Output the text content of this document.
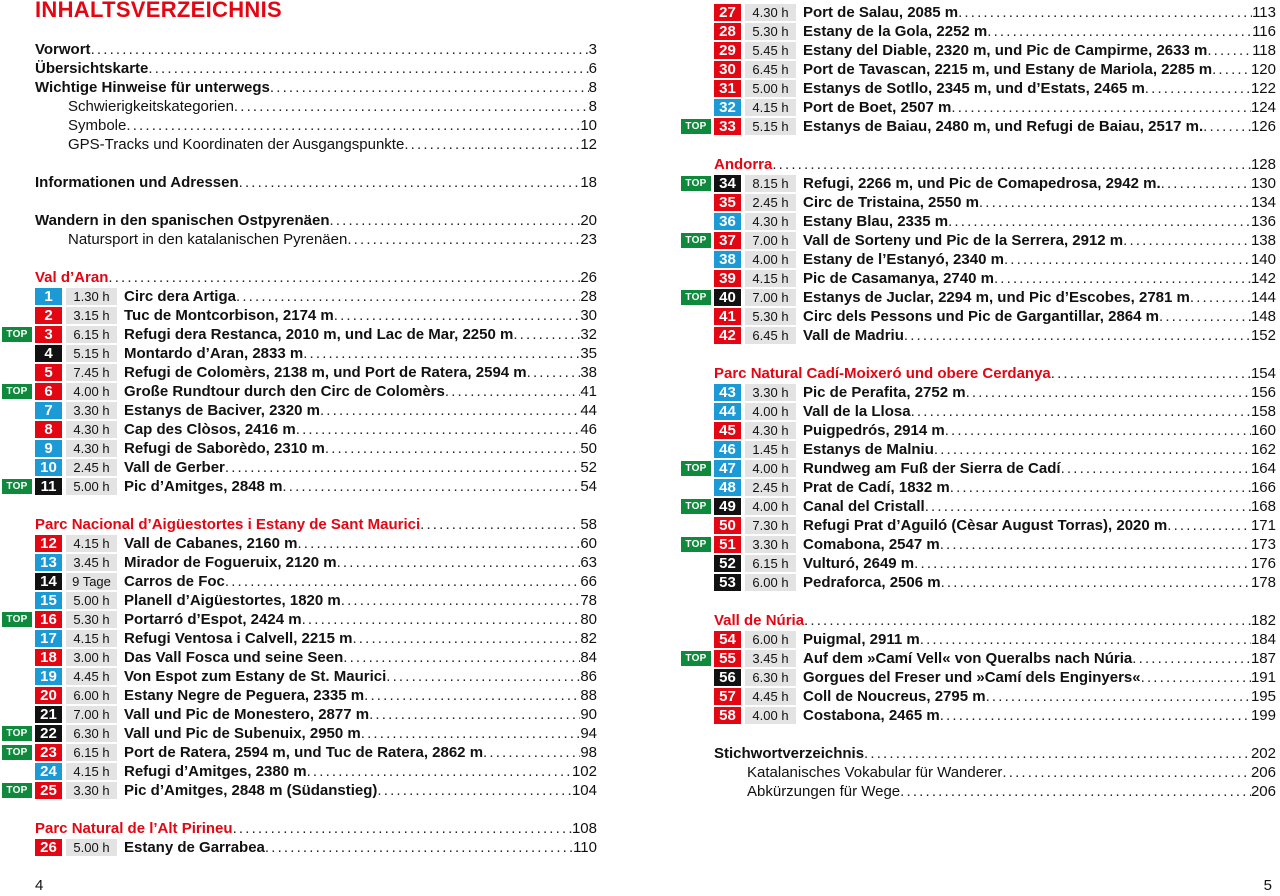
INHALTSVERZEICHNIS
Vorwort . . .	3
Übersichtskarte . . .	6
Wichtige Hinweise für unterwegs . . .	8
Schwierigkeitskategorien . . .	8
Symbole . . .	10
GPS-Tracks und Koordinaten der Ausgangspunkte . . .	12
Informationen und Adressen . . .	18
Wandern in den spanischen Ostpyrenäen . . .	20
Natursport in den katalanischen Pyrenäen . . .	23
Val d’Aran . . .	26
1	1.30 h Circ dera Artiga . . .	28
2	3.15 h Tuc de Montcorbison, 2174 m . . .	30
TOP	3	6.15 h Refugi dera Restanca, 2010 m, und Lac de Mar, 2250 m . . .	32
4	5.15 h Montardo d’Aran, 2833 m . . .	35
5	7.45 h Refugi de Colomèrs, 2138 m, und Port de Ratera, 2594 m . . .	38
TOP	6	4.00 h Große Rundtour durch den Circ de Colomèrs . . .	41
7	3.30 h Estanys de Baciver, 2320 m . . .	44
8	4.30 h Cap des Clòsos, 2416 m . . .	46
9	4.30 h Refugi de Saborèdo, 2310 m . . .	50
10	2.45 h Vall de Gerber . . .	52
TOP 11	5.00 h Pic d’Amitges, 2848 m . . .	54
Parc Nacional d’Aigüestortes i Estany de Sant Maurici . . .	58
12	4.15 h Vall de Cabanes, 2160 m . . .	60
13	3.45 h Mirador de Fogueruix, 2120 m . . .	63
14	9 Tage Carros de Foc . . .	66
15	5.00 h Planell d’Aigüestortes, 1820 m . . .	78
TOP 16	5.30 h Portarró d’Espot, 2424 m . . .	80
17	4.15 h Refugi Ventosa i Calvell, 2215 m . . .	82
18	3.00 h Das Vall Fosca und seine Seen . . .	84
19	4.45 h Von Espot zum Estany de St. Maurici . . .	86
20	6.00 h Estany Negre de Peguera, 2335 m . . .	88
21	7.00 h Vall und Pic de Monestero, 2877 m . . .	90
TOP 22	6.30 h Vall und Pic de Subenuix, 2950 m . . .	94
TOP 23	6.15 h Port de Ratera, 2594 m, und Tuc de Ratera, 2862 m . . .	98
24	4.15 h Refugi d’Amitges, 2380 m . . .	102
TOP 25	3.30 h Pic d’Amitges, 2848 m (Südanstieg) . . .	104
Parc Natural de l’Alt Pirineu . . .	108
26	5.00 h Estany de Garrabea . . .	110
4
27	4.30 h Port de Salau, 2085 m . . .	113
28	5.30 h Estany de la Gola, 2252 m . . .	116
29	5.45 h Estany del Diable, 2320 m, und Pic de Campirme, 2633 m . . .	118
30	6.45 h Port de Tavascan, 2215 m, und Estany de Mariola, 2285 m . . .	120
31	5.00 h Estanys de Sotllo, 2345 m, und d’Estats, 2465 m . . .	122
32	4.15 h Port de Boet, 2507 m . . .	124
TOP 33	5.15 h Estanys de Baiau, 2480 m, und Refugi de Baiau, 2517 m. . . .	126
Andorra . . .	128
TOP 34	8.15 h Refugi, 2266 m, und Pic de Comapedrosa, 2942 m. . . .	130
35	2.45 h Circ de Tristaina, 2550 m . . .	134
36	4.30 h Estany Blau, 2335 m . . .	136
TOP 37	7.00 h Vall de Sorteny und Pic de la Serrera, 2912 m . . .	138
38	4.00 h Estany de l’Estanyó, 2340 m . . .	140
39	4.15 h Pic de Casamanya, 2740 m . . .	142
TOP 40	7.00 h Estanys de Juclar, 2294 m, und Pic d’Escobes, 2781 m . . .	144
41	5.30 h Circ dels Pessons und Pic de Gargantillar, 2864 m . . .	148
42	6.45 h Vall de Madriu . . .	152
Parc Natural Cadí-Moixeró und obere Cerdanya . . .	154
43	3.30 h Pic de Perafita, 2752 m . . .	156
44	4.00 h Vall de la Llosa . . .	158
45	4.30 h Puigpedrós, 2914 m . . .	160
46	1.45 h Estanys de Malniu . . .	162
TOP 47	4.00 h Rundweg am Fuß der Sierra de Cadí . . .	164
48	2.45 h Prat de Cadí, 1832 m . . .	166
TOP 49	4.00 h Canal del Cristall . . .	168
50	7.30 h Refugi Prat d’Aguiló (Cèsar August Torras), 2020 m . . .	171
TOP 51	3.30 h Comabona, 2547 m . . .	173
52	6.15 h Vulturó, 2649 m . . .	176
53	6.00 h Pedraforca, 2506 m . . .	178
Vall de Núria . . .	182
54	6.00 h Puigmal, 2911 m . . .	184
TOP 55	3.45 h Auf dem »Camí Vell« von Queralbs nach Núria . . .	187
56	6.30 h Gorgues del Freser und »Camí dels Enginyers« . . .	191
57	4.45 h Coll de Noucreus, 2795 m . . .	195
58	4.00 h Costabona, 2465 m . . .	199
Stichwortverzeichnis . . .	202
Katalanisches Vokabular für Wanderer . . .	206
Abkürzungen für Wege . . .	206
5
